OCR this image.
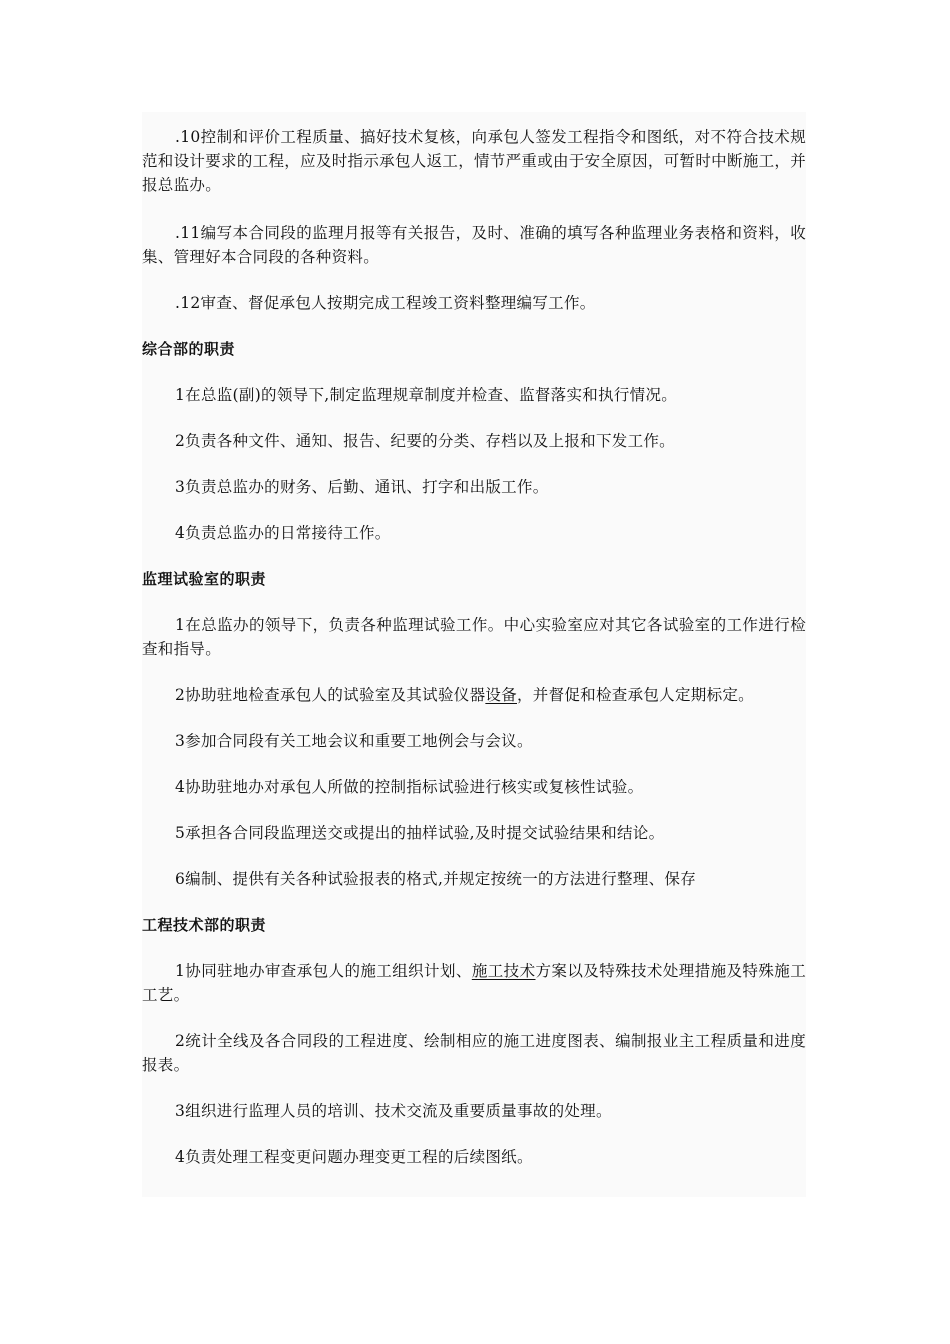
.10控制和评价工程质量、搞好技术复核，向承包人签发工程指令和图纸，对不符合技术规范和设计要求的工程，应及时指示承包人返工，情节严重或由于安全原因，可暂时中断施工，并报总监办。

.11编写本合同段的监理月报等有关报告，及时、准确的填写各种监理业务表格和资料，收集、管理好本合同段的各种资料。

.12审查、督促承包人按期完成工程竣工资料整理编写工作。

综合部的职责

1在总监(副)的领导下,制定监理规章制度并检查、监督落实和执行情况。

2负责各种文件、通知、报告、纪要的分类、存档以及上报和下发工作。

3负责总监办的财务、后勤、通讯、打字和出版工作。

4负责总监办的日常接待工作。

监理试验室的职责

1在总监办的领导下，负责各种监理试验工作。中心实验室应对其它各试验室的工作进行检查和指导。

2协助驻地检查承包人的试验室及其试验仪器设备，并督促和检查承包人定期标定。

3参加合同段有关工地会议和重要工地例会与会议。

4协助驻地办对承包人所做的控制指标试验进行核实或复核性试验。

5承担各合同段监理送交或提出的抽样试验,及时提交试验结果和结论。

6编制、提供有关各种试验报表的格式,并规定按统一的方法进行整理、保存

工程技术部的职责

1协同驻地办审查承包人的施工组织计划、施工技术方案以及特殊技术处理措施及特殊施工工艺。

2统计全线及各合同段的工程进度、绘制相应的施工进度图表、编制报业主工程质量和进度报表。

3组织进行监理人员的培训、技术交流及重要质量事故的处理。

4负责处理工程变更问题办理变更工程的后续图纸。
